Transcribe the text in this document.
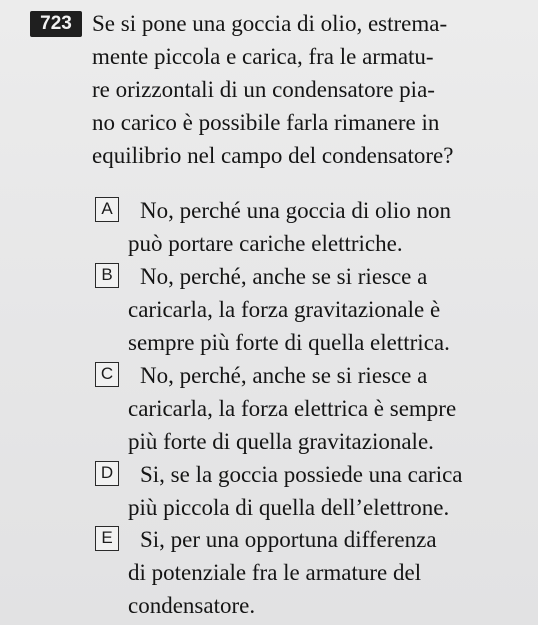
723 Se si pone una goccia di olio, estrema-
mente piccola e carica, fra le armatu-
re orizzontali di un condensatore pia-
no carico è possibile farla rimanere in
equilibrio nel campo del condensatore?
A No, perché una goccia di olio non
può portare cariche elettriche.
B No, perché, anche se si riesce a
caricarla, la forza gravitazionale è
sempre più forte di quella elettrica.
C No, perché, anche se si riesce a
caricarla, la forza elettrica è sempre
più forte di quella gravitazionale.
D Si, se la goccia possiede una carica
più piccola di quella dell’elettrone.
E Si, per una opportuna differenza
di potenziale fra le armature del
condensatore.
